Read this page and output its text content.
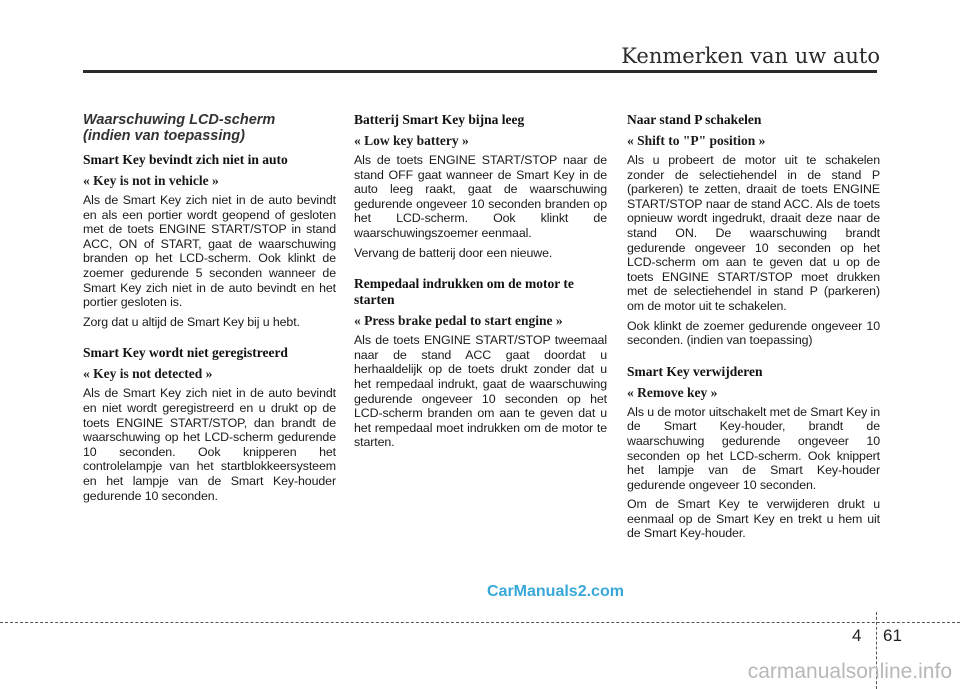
Kenmerken van uw auto
Waarschuwing LCD-scherm
(indien van toepassing)
Smart Key bevindt zich niet in auto

« Key is not in vehicle »

Als de Smart Key zich niet in de auto bevindt en als een portier wordt geopend of gesloten met de toets ENGINE START/STOP in stand ACC, ON of START, gaat de waarschuwing branden op het LCD-scherm. Ook klinkt de zoemer gedurende 5 seconden wanneer de Smart Key zich niet in de auto bevindt en het portier gesloten is.

Zorg dat u altijd de Smart Key bij u hebt.

Smart Key wordt niet geregistreerd

« Key is not detected »

Als de Smart Key zich niet in de auto bevindt en niet wordt geregistreerd en u drukt op de toets ENGINE START/STOP, dan brandt de waarschuwing op het LCD-scherm gedurende 10 seconden. Ook knipperen het controlelampje van het startblokkeersysteem en het lampje van de Smart Key-houder gedurende 10 seconden.

Batterij Smart Key bijna leeg

« Low key battery »

Als de toets ENGINE START/STOP naar de stand OFF gaat wanneer de Smart Key in de auto leeg raakt, gaat de waarschuwing gedurende ongeveer 10 seconden branden op het LCD-scherm. Ook klinkt de waarschuwingszoemer eenmaal.

Vervang de batterij door een nieuwe.

Rempedaal indrukken om de motor te starten

« Press brake pedal to start engine »

Als de toets ENGINE START/STOP tweemaal naar de stand ACC gaat doordat u herhaaldelijk op de toets drukt zonder dat u het rempedaal indrukt, gaat de waarschuwing gedurende ongeveer 10 seconden op het LCD-scherm branden om aan te geven dat u het rempedaal moet indrukken om de motor te starten.

Naar stand P schakelen

« Shift to "P" position »

Als u probeert de motor uit te schakelen zonder de selectiehendel in de stand P (parkeren) te zetten, draait de toets ENGINE START/STOP naar de stand ACC. Als de toets opnieuw wordt ingedrukt, draait deze naar de stand ON. De waarschuwing brandt gedurende ongeveer 10 seconden op het LCD-scherm om aan te geven dat u op de toets ENGINE START/STOP moet drukken met de selectiehendel in stand P (parkeren) om de motor uit te schakelen.

Ook klinkt de zoemer gedurende ongeveer 10 seconden. (indien van toepassing)

Smart Key verwijderen

« Remove key »

Als u de motor uitschakelt met de Smart Key in de Smart Key-houder, brandt de waarschuwing gedurende ongeveer 10 seconden op het LCD-scherm. Ook knippert het lampje van de Smart Key-houder gedurende ongeveer 10 seconden.

Om de Smart Key te verwijderen drukt u eenmaal op de Smart Key en trekt u hem uit de Smart Key-houder.

CarManuals2.com
4 61
carmanualsonline.info
